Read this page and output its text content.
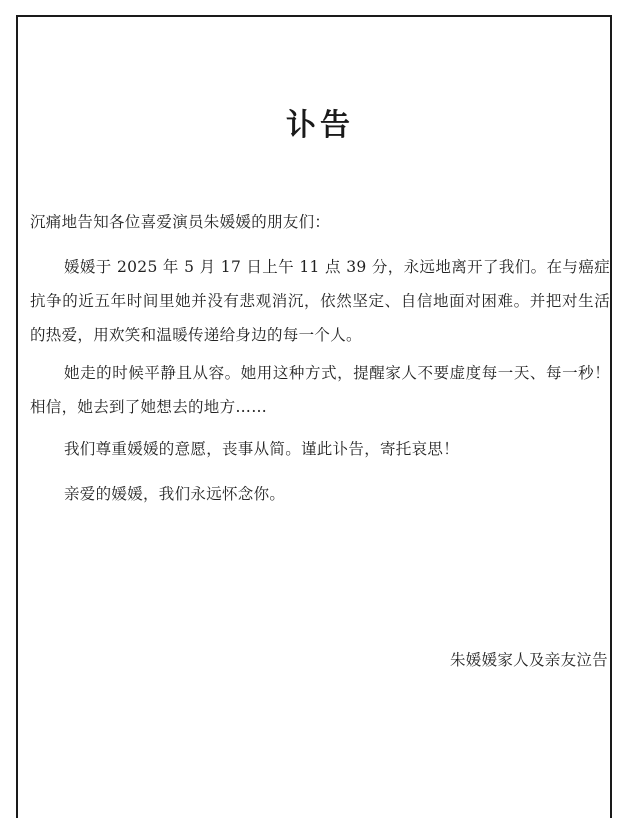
讣告
沉痛地告知各位喜爱演员朱媛媛的朋友们：
媛媛于 2025 年 5 月 17 日上午 11 点 39 分，永远地离开了我们。在与癌症抗争的近五年时间里她并没有悲观消沉，依然坚定、自信地面对困难。并把对生活的热爱，用欢笑和温暖传递给身边的每一个人。
她走的时候平静且从容。她用这种方式，提醒家人不要虚度每一天、每一秒！相信，她去到了她想去的地方……
我们尊重媛媛的意愿，丧事从简。谨此讣告，寄托哀思！
亲爱的媛媛，我们永远怀念你。
朱媛媛家人及亲友泣告
